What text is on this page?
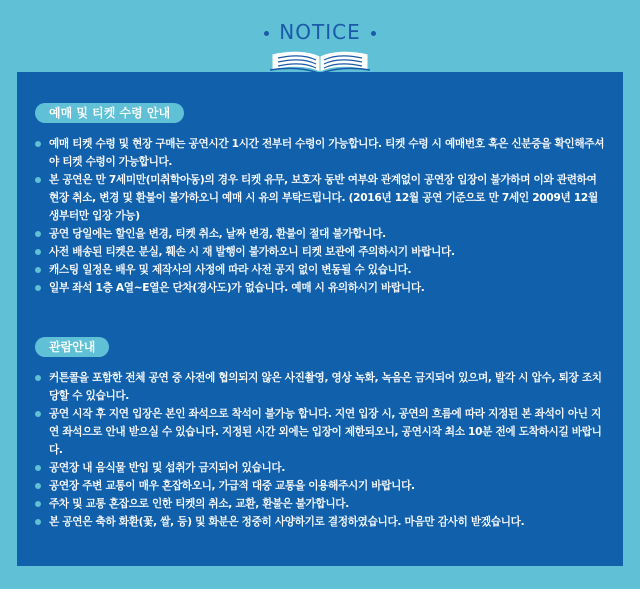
NOTICE
예매 및 티켓 수령 안내
예매 티켓 수령 및 현장 구매는 공연시간 1시간 전부터 수령이 가능합니다. 티켓 수령 시 예매번호 혹은 신분증을 확인해주셔야 티켓 수령이 가능합니다.
본 공연은 만 7세미만(미취학아동)의 경우 티켓 유무, 보호자 동반 여부와 관계없이 공연장 입장이 불가하며 이와 관련하여 현장 취소, 변경 및 환불이 불가하오니 예매 시 유의 부탁드립니다. (2016년 12월 공연 기준으로 만 7세인 2009년 12월생부터만 입장 가능)
공연 당일에는 할인을 변경, 티켓 취소, 날짜 변경, 환불이 절대 불가합니다.
사전 배송된 티켓은 분실, 훼손 시 재 발행이 불가하오니 티켓 보관에 주의하시기 바랍니다.
캐스팅 일정은 배우 및 제작사의 사정에 따라 사전 공지 없이 변동될 수 있습니다.
일부 좌석 1층 A열~E열은 단차(경사도)가 없습니다. 예매 시 유의하시기 바랍니다.
관람안내
커튼콜을 포함한 전체 공연 중 사전에 협의되지 않은 사진촬영, 영상 녹화, 녹음은 금지되어 있으며, 발각 시 압수, 퇴장 조치 당할 수 있습니다.
공연 시작 후 지연 입장은 본인 좌석으로 착석이 불가능 합니다. 지연 입장 시, 공연의 흐름에 따라 지정된 본 좌석이 아닌 지연 좌석으로 안내 받으실 수 있습니다. 지정된 시간 외에는 입장이 제한되오니, 공연시작 최소 10분 전에 도착하시길 바랍니다.
공연장 내 음식물 반입 및 섭취가 금지되어 있습니다.
공연장 주변 교통이 매우 혼잡하오니, 가급적 대중 교통을 이용해주시기 바랍니다.
주차 및 교통 혼잡으로 인한 티켓의 취소, 교환, 환불은 불가합니다.
본 공연은 축하 화환(꽃, 쌀, 등) 및 화분은 정중히 사양하기로 결정하였습니다. 마음만 감사히 받겠습니다.
